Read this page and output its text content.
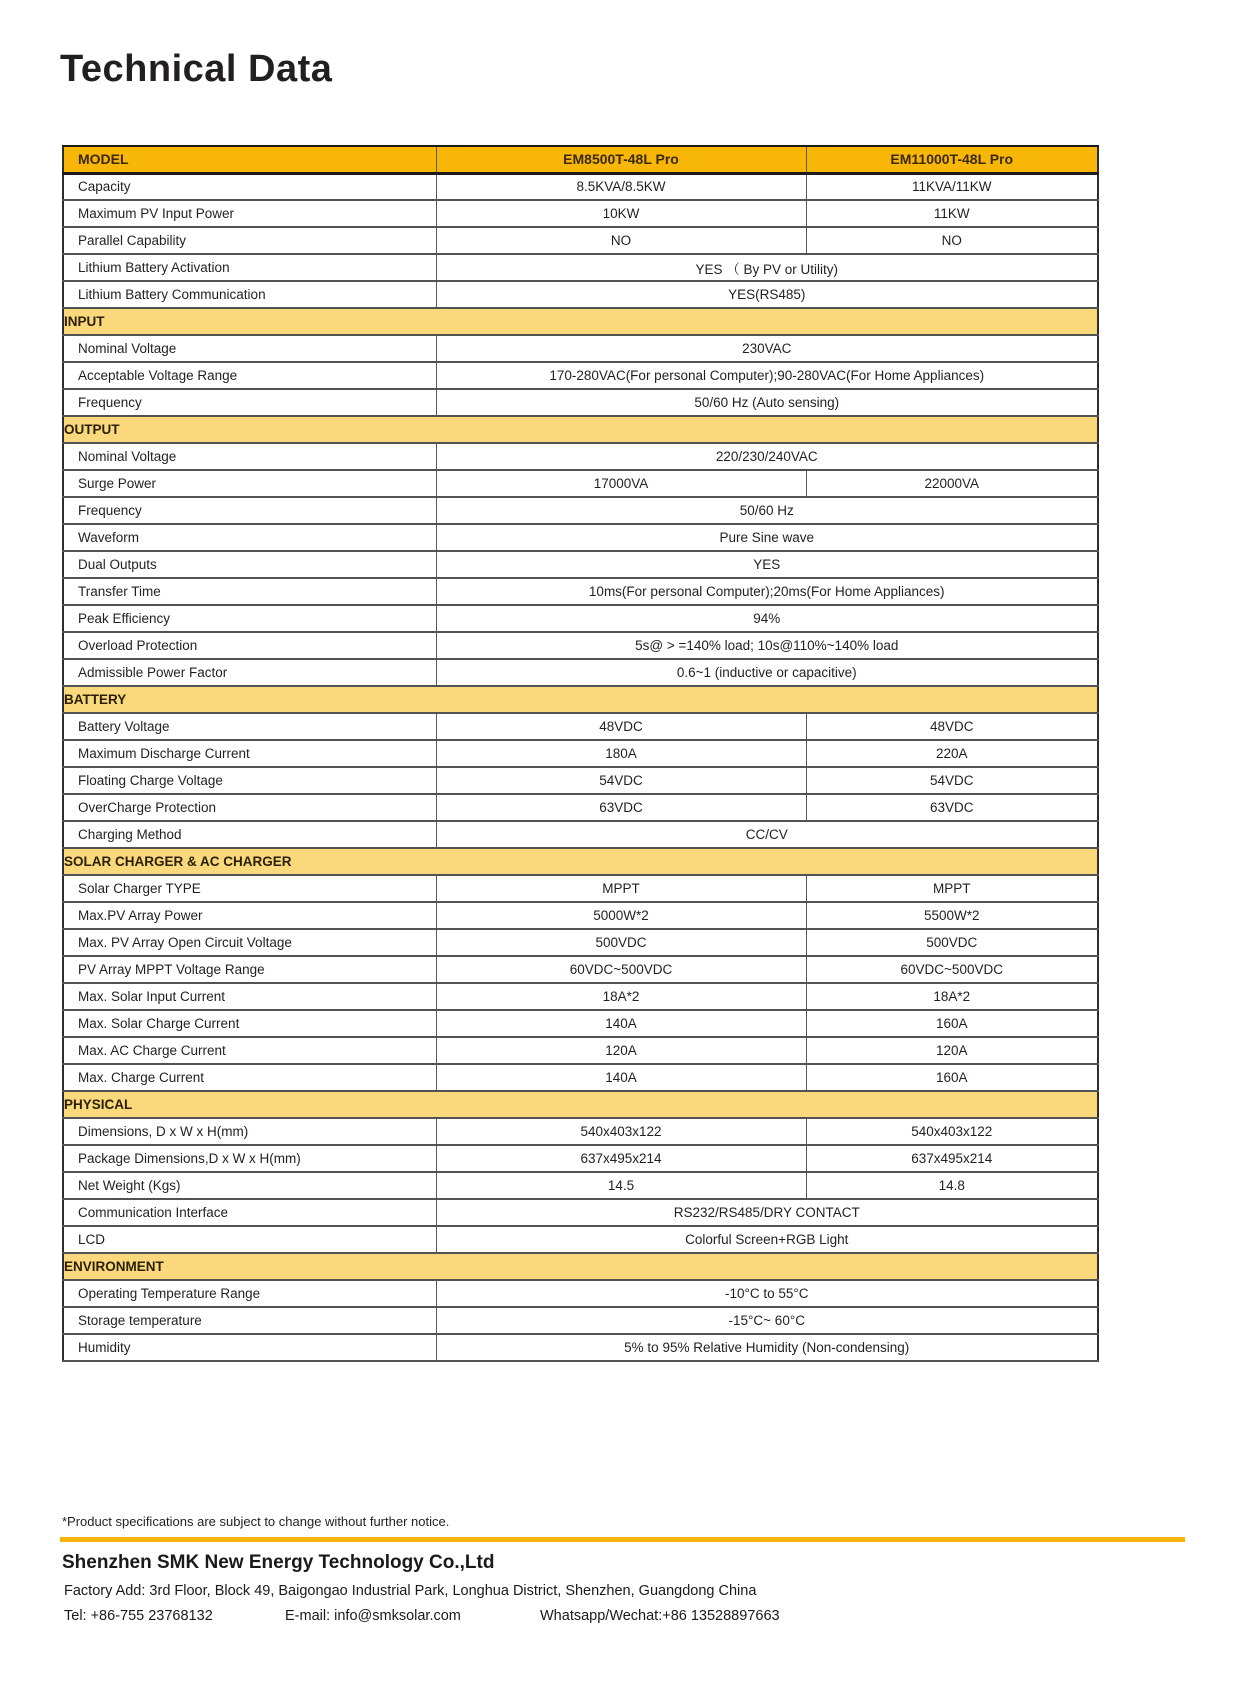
Technical Data
MODEL	EM8500T-48L Pro	EM11000T-48L Pro
Capacity	8.5KVA/8.5KW	11KVA/11KW
Maximum PV Input Power	10KW	11KW
Parallel Capability	NO	NO
Lithium Battery Activation	YES （ By PV or Utility)	
Lithium Battery Communication	YES(RS485)	
INPUT		
Nominal Voltage	230VAC	
Acceptable Voltage Range	170-280VAC(For personal Computer);90-280VAC(For Home Appliances)	
Frequency	50/60 Hz (Auto sensing)	
OUTPUT		
Nominal Voltage	220/230/240VAC	
Surge Power	17000VA	22000VA
Frequency	50/60 Hz	
Waveform	Pure Sine wave	
Dual Outputs	YES	
Transfer Time	10ms(For personal Computer);20ms(For Home Appliances)	
Peak Efficiency	94%	
Overload Protection	5s@ > =140% load; 10s@110%~140% load	
Admissible Power Factor	0.6~1 (inductive or capacitive)	
BATTERY		
Battery Voltage	48VDC	48VDC
Maximum Discharge Current	180A	220A
Floating Charge Voltage	54VDC	54VDC
OverCharge Protection	63VDC	63VDC
Charging Method	CC/CV	
SOLAR CHARGER & AC CHARGER		
Solar Charger TYPE	MPPT	MPPT
Max.PV Array Power	5000W*2	5500W*2
Max. PV Array Open Circuit Voltage	500VDC	500VDC
PV Array MPPT Voltage Range	60VDC~500VDC	60VDC~500VDC
Max. Solar Input Current	18A*2	18A*2
Max. Solar Charge Current	140A	160A
Max. AC Charge Current	120A	120A
Max. Charge Current	140A	160A
PHYSICAL		
Dimensions, D x W x H(mm)	540x403x122	540x403x122
Package Dimensions,D x W x H(mm)	637x495x214	637x495x214
Net Weight (Kgs)	14.5	14.8
Communication Interface	RS232/RS485/DRY CONTACT	
LCD	Colorful Screen+RGB Light	
ENVIRONMENT		
Operating Temperature Range	-10°C to 55°C	
Storage temperature	-15°C~ 60°C	
Humidity	5% to 95% Relative Humidity (Non-condensing)	
*Product specifications are subject to change without further notice.
Shenzhen SMK New Energy Technology Co.,Ltd
Factory Add: 3rd Floor, Block 49, Baigongao Industrial Park, Longhua District, Shenzhen, Guangdong China
Tel: +86-755 23768132	E-mail: info@smksolar.com	Whatsapp/Wechat:+86 13528897663
